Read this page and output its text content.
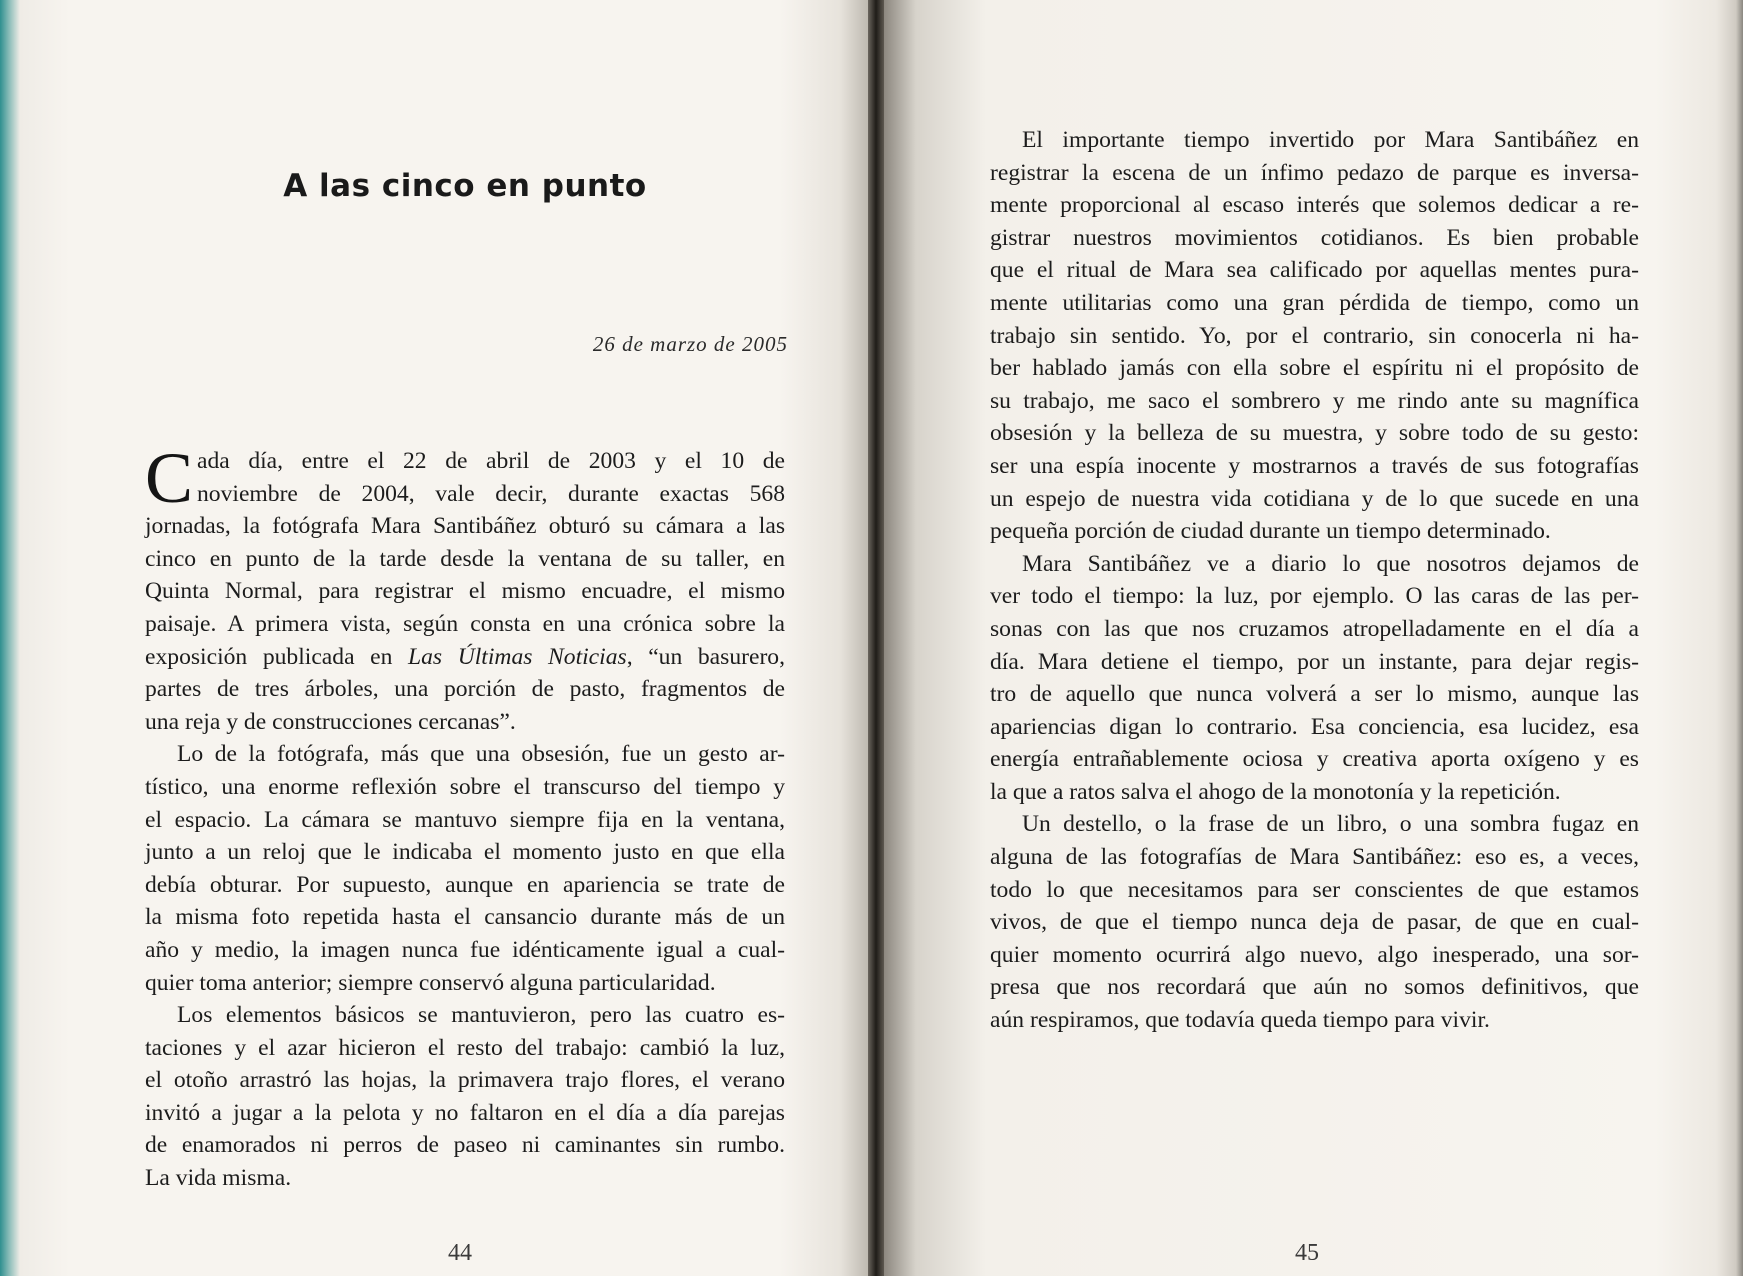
A las cinco en punto

26 de marzo de 2005

C ada día, entre el 22 de abril de 2003 y el 10 de
noviembre de 2004, vale decir, durante exactas 568
jornadas, la fotógrafa Mara Santibáñez obturó su cámara a las
cinco en punto de la tarde desde la ventana de su taller, en
Quinta Normal, para registrar el mismo encuadre, el mismo
paisaje. A primera vista, según consta en una crónica sobre la
exposición publicada en Las Últimas Noticias, “un basurero,
partes de tres árboles, una porción de pasto, fragmentos de
una reja y de construcciones cercanas”.
Lo de la fotógrafa, más que una obsesión, fue un gesto ar-
tístico, una enorme reflexión sobre el transcurso del tiempo y
el espacio. La cámara se mantuvo siempre fija en la ventana,
junto a un reloj que le indicaba el momento justo en que ella
debía obturar. Por supuesto, aunque en apariencia se trate de
la misma foto repetida hasta el cansancio durante más de un
año y medio, la imagen nunca fue idénticamente igual a cual-
quier toma anterior; siempre conservó alguna particularidad.
Los elementos básicos se mantuvieron, pero las cuatro es-
taciones y el azar hicieron el resto del trabajo: cambió la luz,
el otoño arrastró las hojas, la primavera trajo flores, el verano
invitó a jugar a la pelota y no faltaron en el día a día parejas
de enamorados ni perros de paseo ni caminantes sin rumbo.
La vida misma.

44

El importante tiempo invertido por Mara Santibáñez en
registrar la escena de un ínfimo pedazo de parque es inversa-
mente proporcional al escaso interés que solemos dedicar a re-
gistrar nuestros movimientos cotidianos. Es bien probable
que el ritual de Mara sea calificado por aquellas mentes pura-
mente utilitarias como una gran pérdida de tiempo, como un
trabajo sin sentido. Yo, por el contrario, sin conocerla ni ha-
ber hablado jamás con ella sobre el espíritu ni el propósito de
su trabajo, me saco el sombrero y me rindo ante su magnífica
obsesión y la belleza de su muestra, y sobre todo de su gesto:
ser una espía inocente y mostrarnos a través de sus fotografías
un espejo de nuestra vida cotidiana y de lo que sucede en una
pequeña porción de ciudad durante un tiempo determinado.
Mara Santibáñez ve a diario lo que nosotros dejamos de
ver todo el tiempo: la luz, por ejemplo. O las caras de las per-
sonas con las que nos cruzamos atropelladamente en el día a
día. Mara detiene el tiempo, por un instante, para dejar regis-
tro de aquello que nunca volverá a ser lo mismo, aunque las
apariencias digan lo contrario. Esa conciencia, esa lucidez, esa
energía entrañablemente ociosa y creativa aporta oxígeno y es
la que a ratos salva el ahogo de la monotonía y la repetición.
Un destello, o la frase de un libro, o una sombra fugaz en
alguna de las fotografías de Mara Santibáñez: eso es, a veces,
todo lo que necesitamos para ser conscientes de que estamos
vivos, de que el tiempo nunca deja de pasar, de que en cual-
quier momento ocurrirá algo nuevo, algo inesperado, una sor-
presa que nos recordará que aún no somos definitivos, que
aún respiramos, que todavía queda tiempo para vivir.

45
